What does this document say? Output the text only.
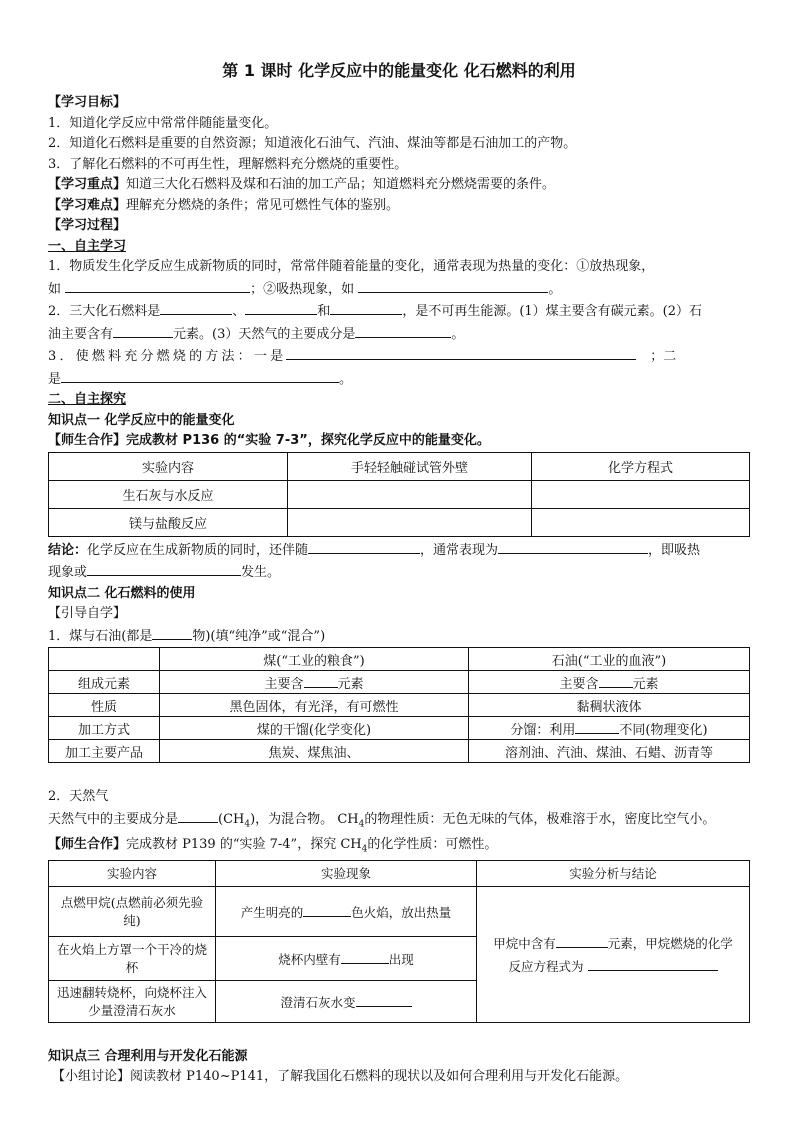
第 1 课时 化学反应中的能量变化 化石燃料的利用
【学习目标】
1．知道化学反应中常常伴随能量变化。
2．知道化石燃料是重要的自然资源；知道液化石油气、汽油、煤油等都是石油加工的产物。
3．了解化石燃料的不可再生性，理解燃料充分燃烧的重要性。
【学习重点】知道三大化石燃料及煤和石油的加工产品；知道燃料充分燃烧需要的条件。
【学习难点】理解充分燃烧的条件；常见可燃性气体的鉴别。
【学习过程】
一、自主学习
1．物质发生化学反应生成新物质的同时，常常伴随着能量的变化，通常表现为热量的变化：①放热现象，
如	；②吸热现象，如	。
2．三大化石燃料是	、	和	，是不可再生能源。(1）煤主要含有碳元素。(2）石
油主要含有	元素。(3）天然气的主要成分是	。
3．使燃料充分燃烧的方法：一是	；二
是	。
二、自主探究
知识点一 化学反应中的能量变化
【师生合作】完成教材 P136 的“实验 7-3”，探究化学反应中的能量变化。
实验内容	手轻轻触碰试管外壁	化学方程式
生石灰与水反应		
镁与盐酸反应		
结论：化学反应在生成新物质的同时，还伴随	，通常表现为	，即吸热
现象或	发生。
知识点二 化石燃料的使用
【引导自学】
1．煤与石油(都是	物)(填“纯净”或“混合”)
	煤(“工业的粮食”)	石油(“工业的血液”)
组成元素	主要含 元素	主要含 元素
性质	黑色固体，有光泽，有可燃性	黏稠状液体
加工方式	煤的干馏(化学变化)	分馏：利用 不同(物理变化)
加工主要产品	焦炭、煤焦油、	溶剂油、汽油、煤油、石蜡、沥青等
2．天然气
天然气中的主要成分是	$(CH_4)$，为混合物。 $CH_4$的物理性质：无色无味的气体，极难溶于水，密度比空气小。
【师生合作】完成教材 P139 的“实验 7-4”，探究 $CH_4$的化学性质：可燃性。
实验内容	实验现象	实验分析与结论
点燃甲烷(点燃前必须先验纯)	产生明亮的 色火焰，放出热量	甲烷中含有 元素，甲烷燃烧的化学
反应方程式为

在火焰上方罩一个干冷的烧杯	烧杯内壁有 出现	
迅速翻转烧杯，向烧杯注入少量澄清石灰水	澄清石灰水变	
知识点三 合理利用与开发化石能源
【小组讨论】阅读教材 P140~P141，了解我国化石燃料的现状以及如何合理利用与开发化石能源。
